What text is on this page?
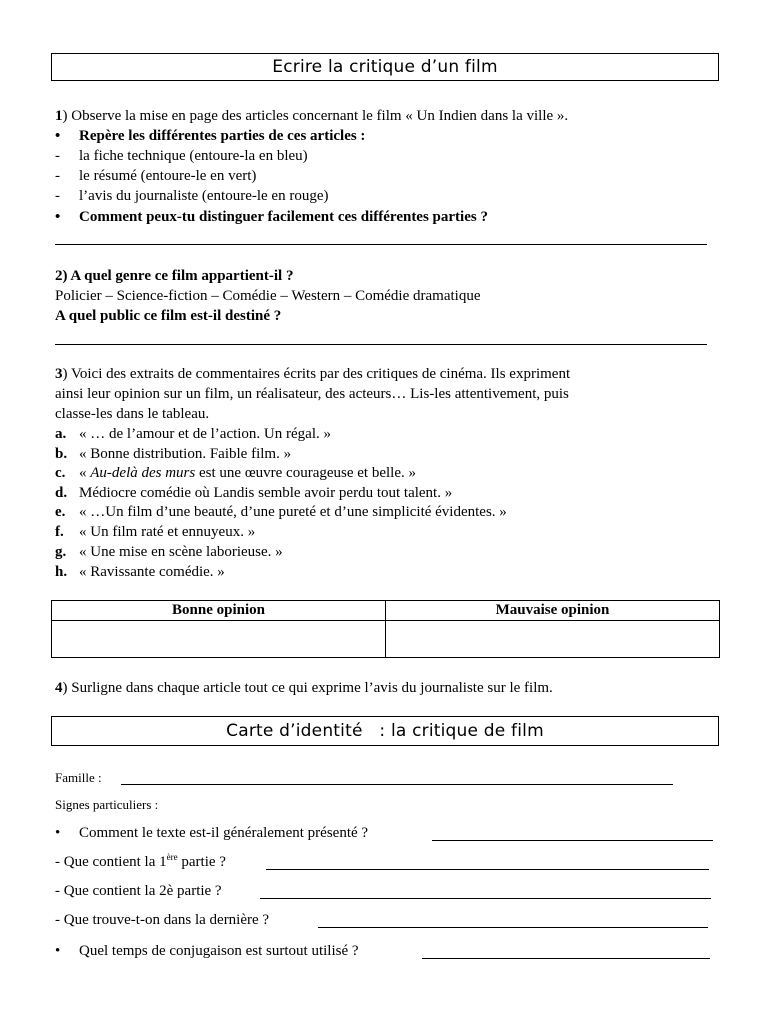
Ecrire la critique d’un film
1) Observe la mise en page des articles concernant le film « Un Indien dans la ville ».
• Repère les différentes parties de ces articles :
- la fiche technique (entoure-la en bleu)
- le résumé (entoure-le en vert)
- l’avis du journaliste (entoure-le en rouge)
• Comment peux-tu distinguer facilement ces différentes parties ?
2) A quel genre ce film appartient-il ?
Policier – Science-fiction – Comédie – Western – Comédie dramatique
A quel public ce film est-il destiné ?
3) Voici des extraits de commentaires écrits par des critiques de cinéma. Ils expriment
ainsi leur opinion sur un film, un réalisateur, des acteurs… Lis-les attentivement, puis
classe-les dans le tableau.
a. « … de l’amour et de l’action. Un régal. »
b. « Bonne distribution. Faible film. »
c. « Au-delà des murs est une œuvre courageuse et belle. »
d. Médiocre comédie où Landis semble avoir perdu tout talent. »
e. « …Un film d’une beauté, d’une pureté et d’une simplicité évidentes. »
f. « Un film raté et ennuyeux. »
g. « Une mise en scène laborieuse. »
h. « Ravissante comédie. »
Bonne opinion	Mauvaise opinion

4) Surligne dans chaque article tout ce qui exprime l’avis du journaliste sur le film.
Carte d’identité   : la critique de film
Famille :
Signes particuliers :
• Comment le texte est-il généralement présenté ?
- Que contient la 1ère partie ?
- Que contient la 2è partie ?
- Que trouve-t-on dans la dernière ?
• Quel temps de conjugaison est surtout utilisé ?
